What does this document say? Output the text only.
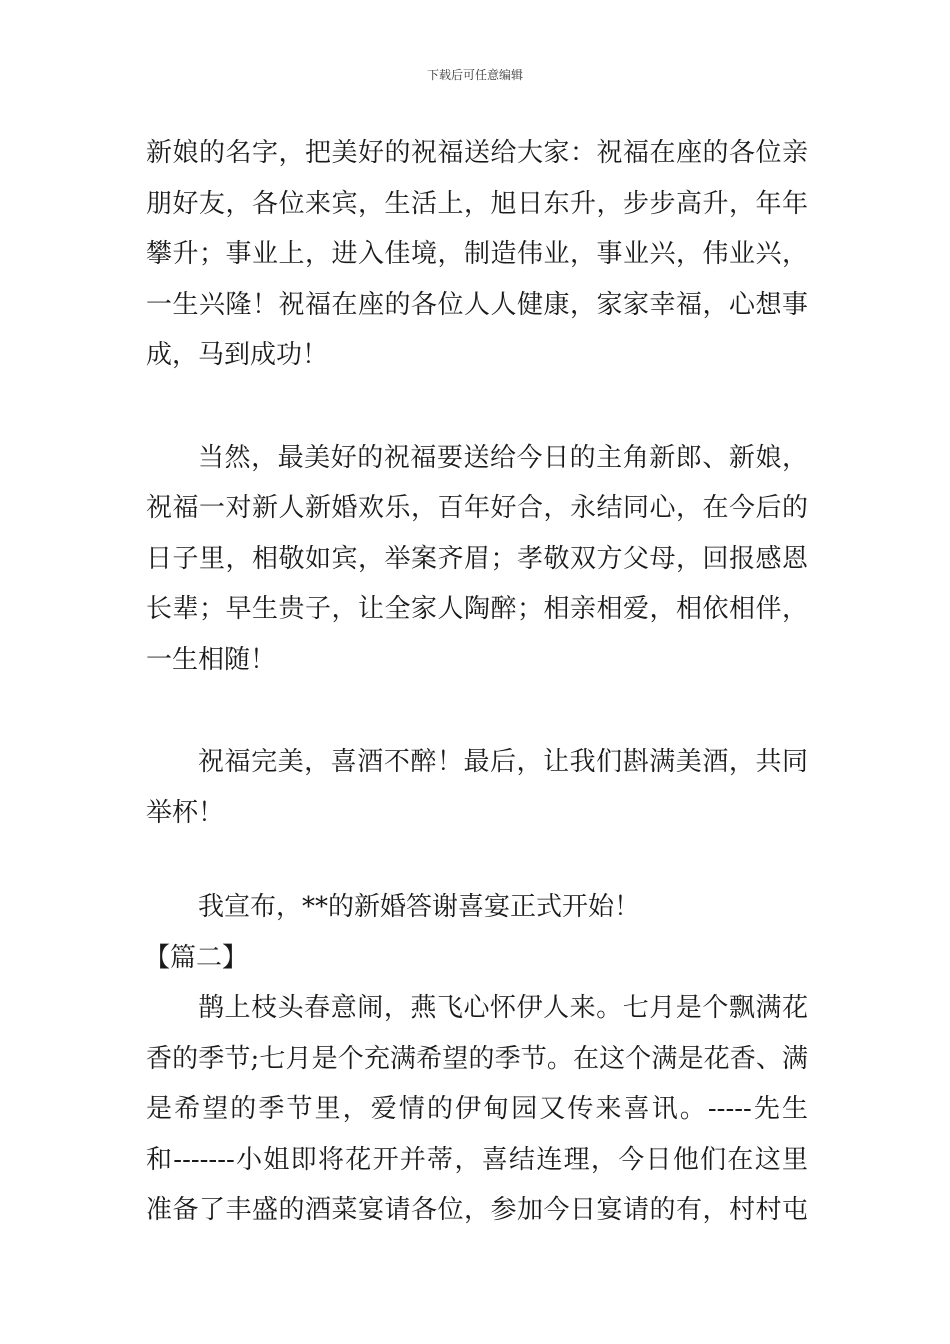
下载后可任意编辑
新娘的名字，把美好的祝福送给大家：祝福在座的各位亲
朋好友，各位来宾，生活上，旭日东升，步步高升，年年
攀升；事业上，进入佳境，制造伟业，事业兴，伟业兴，
一生兴隆！祝福在座的各位人人健康，家家幸福，心想事
成，马到成功！
当然，最美好的祝福要送给今日的主角新郎、新娘，
祝福一对新人新婚欢乐，百年好合，永结同心，在今后的
日子里，相敬如宾，举案齐眉；孝敬双方父母，回报感恩
长辈；早生贵子，让全家人陶醉；相亲相爱，相依相伴，
一生相随！
祝福完美，喜酒不醉！最后，让我们斟满美酒，共同
举杯！
我宣布，**的新婚答谢喜宴正式开始！
【篇二】
鹊上枝头春意闹，燕飞心怀伊人来。七月是个飘满花
香的季节;七月是个充满希望的季节。在这个满是花香、满
是希望的季节里，爱情的伊甸园又传来喜讯。-----先生
和-------小姐即将花开并蒂，喜结连理，今日他们在这里
准备了丰盛的酒菜宴请各位，参加今日宴请的有，村村屯
